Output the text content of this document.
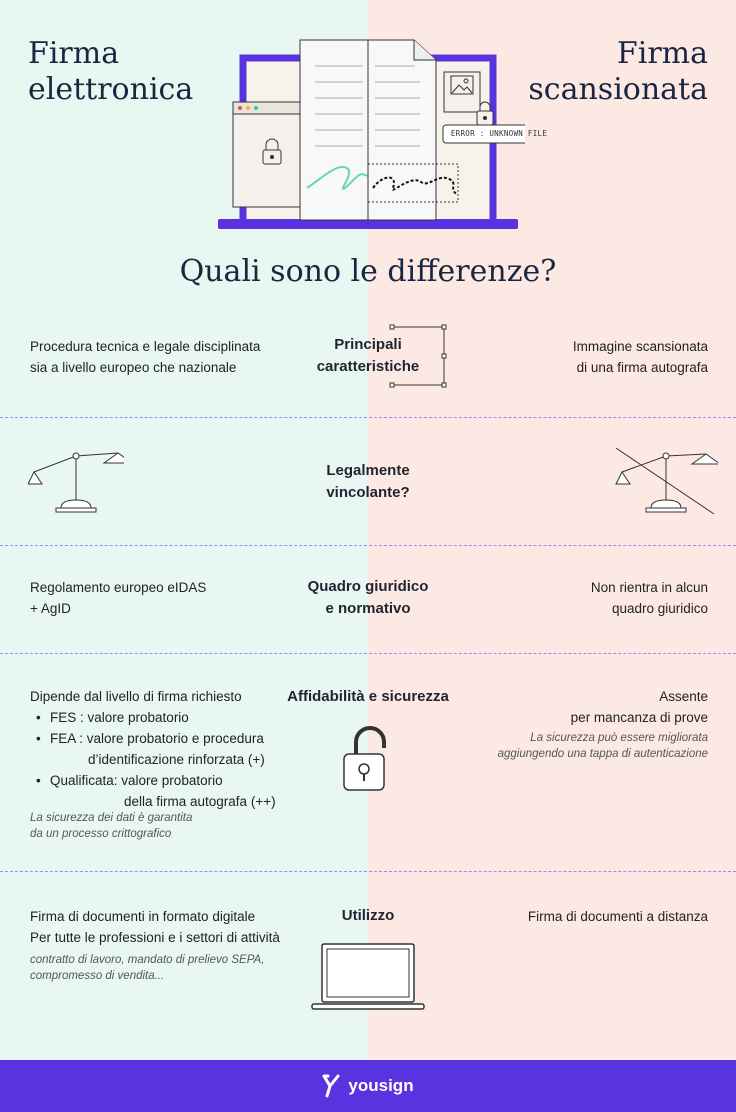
Firma
elettronica
Firma
scansionata
ERROR : UNKNOWN FILE
Quali sono le differenze?
Procedura tecnica e legale disciplinata
sia a livello europeo che nazionale
Principali
caratteristiche
Immagine scansionata
di una firma autografa
Legalmente
vincolante?
Regolamento europeo eIDAS
+ AgID
Quadro giuridico
e normativo
Non rientra in alcun
quadro giuridico
Dipende dal livello di firma richiesto
• FES : valore probatorio
• FEA : valore probatorio e procedura
d’identificazione rinforzata (+)
• Qualificata: valore probatorio
della firma autografa (++)
La sicurezza dei dati è garantita
da un processo crittografico
Affidabilità e sicurezza	Assente
per mancanza di prove
La sicurezza può essere migliorata
aggiungendo una tappa di autenticazione
Firma di documenti in formato digitale
Per tutte le professioni e i settori di attività
contratto di lavoro, mandato di prelievo SEPA,
compromesso di vendita...
Utilizzo	Firma di documenti a distanza
yousign
